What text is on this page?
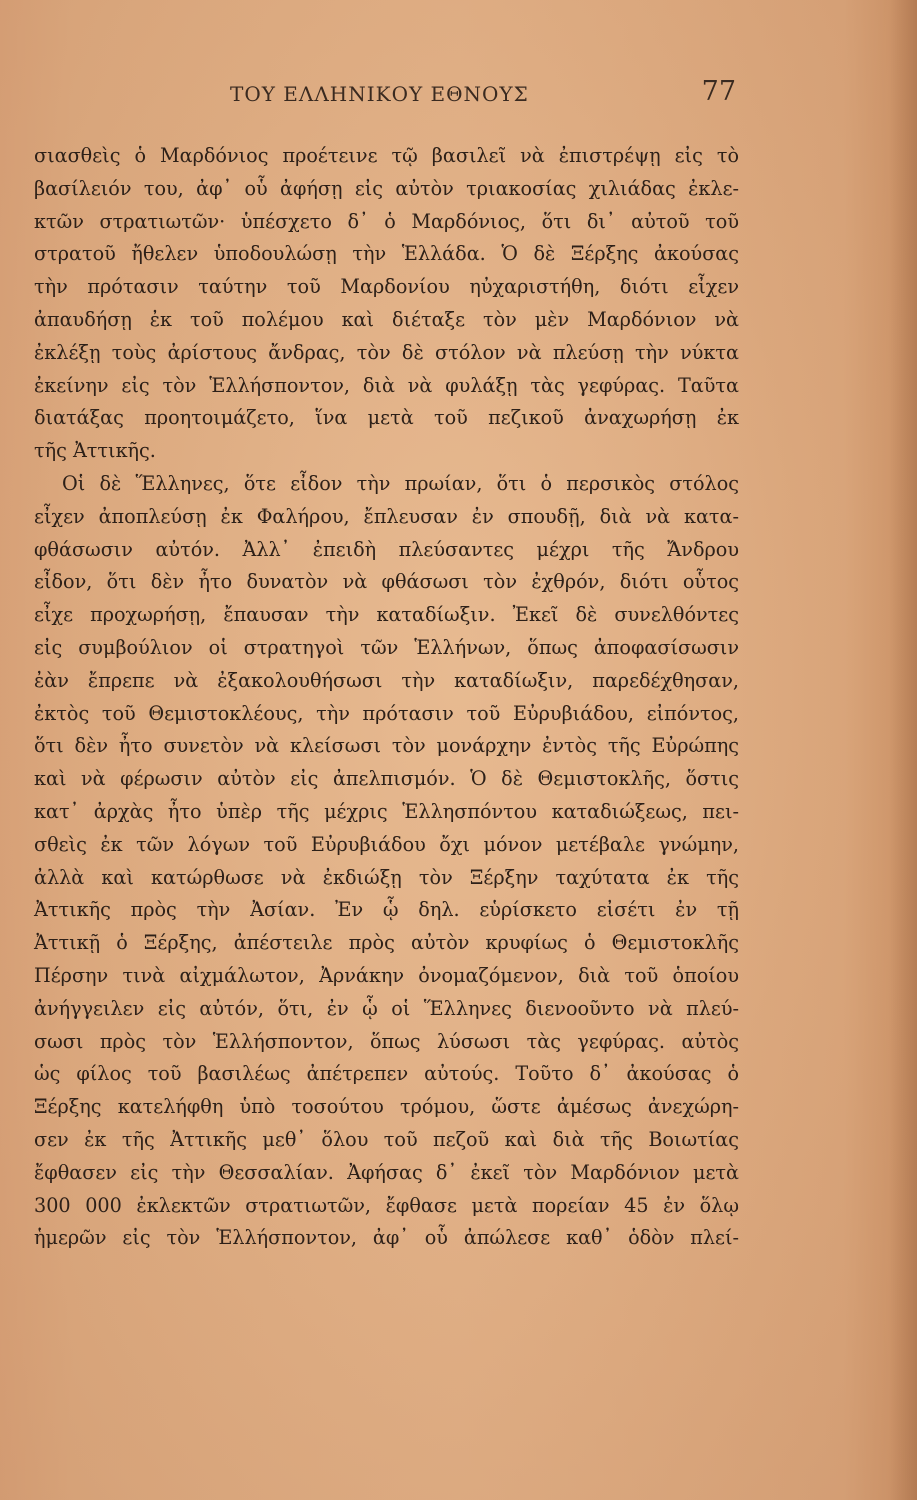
ΤΟΥ ΕΛΛΗΝΙΚΟΥ ΕΘΝΟΥΣ	77
σιασθεὶς ὁ Μαρδόνιος προέτεινε τῷ βασιλεῖ νὰ ἐπιστρέψῃ εἰς τὸ
βασίλειόν του, ἀφ᾽ οὗ ἀφήσῃ εἰς αὐτὸν τριακοσίας χιλιάδας ἐκλε-
κτῶν στρατιωτῶν· ὑπέσχετο δ᾽ ὁ Μαρδόνιος, ὅτι δι᾽ αὐτοῦ τοῦ
στρατοῦ ἤθελεν ὑποδουλώσῃ τὴν Ἑλλάδα. Ὁ δὲ Ξέρξης ἀκούσας
τὴν πρότασιν ταύτην τοῦ Μαρδονίου ηὐχαριστήθη, διότι εἶχεν
ἀπαυδήσῃ ἐκ τοῦ πολέμου καὶ διέταξε τὸν μὲν Μαρδόνιον νὰ
ἐκλέξῃ τοὺς ἀρίστους ἄνδρας, τὸν δὲ στόλον νὰ πλεύσῃ τὴν νύκτα
ἐκείνην εἰς τὸν Ἑλλήσποντον, διὰ νὰ φυλάξῃ τὰς γεφύρας. Ταῦτα
διατάξας προητοιμάζετο, ἵνα μετὰ τοῦ πεζικοῦ ἀναχωρήσῃ ἐκ
τῆς Ἀττικῆς.
Οἱ δὲ Ἕλληνες, ὅτε εἶδον τὴν πρωίαν, ὅτι ὁ περσικὸς στόλος
εἶχεν ἀποπλεύσῃ ἐκ Φαλήρου, ἔπλευσαν ἐν σπουδῇ, διὰ νὰ κατα-
φθάσωσιν αὐτόν. Ἀλλ᾽ ἐπειδὴ πλεύσαντες μέχρι τῆς Ἄνδρου
εἶδον, ὅτι δὲν ἦτο δυνατὸν νὰ φθάσωσι τὸν ἐχθρόν, διότι οὗτος
εἶχε προχωρήσῃ, ἔπαυσαν τὴν καταδίωξιν. Ἐκεῖ δὲ συνελθόντες
εἰς συμβούλιον οἱ στρατηγοὶ τῶν Ἑλλήνων, ὅπως ἀποφασίσωσιν
ἐὰν ἔπρεπε νὰ ἐξακολουθήσωσι τὴν καταδίωξιν, παρεδέχθησαν,
ἐκτὸς τοῦ Θεμιστοκλέους, τὴν πρότασιν τοῦ Εὐρυβιάδου, εἰπόντος,
ὅτι δὲν ἦτο συνετὸν νὰ κλείσωσι τὸν μονάρχην ἐντὸς τῆς Εὐρώπης
καὶ νὰ φέρωσιν αὐτὸν εἰς ἀπελπισμόν. Ὁ δὲ Θεμιστοκλῆς, ὅστις
κατ᾽ ἀρχὰς ἦτο ὑπὲρ τῆς μέχρις Ἑλλησπόντου καταδιώξεως, πει-
σθεὶς ἐκ τῶν λόγων τοῦ Εὐρυβιάδου ὄχι μόνον μετέβαλε γνώμην,
ἀλλὰ καὶ κατώρθωσε νὰ ἐκδιώξῃ τὸν Ξέρξην ταχύτατα ἐκ τῆς
Ἀττικῆς πρὸς τὴν Ἀσίαν. Ἐν ᾧ δηλ. εὑρίσκετο εἰσέτι ἐν τῇ
Ἀττικῇ ὁ Ξέρξης, ἀπέστειλε πρὸς αὐτὸν κρυφίως ὁ Θεμιστοκλῆς
Πέρσην τινὰ αἰχμάλωτον, Ἀρνάκην ὀνομαζόμενον, διὰ τοῦ ὁποίου
ἀνήγγειλεν εἰς αὐτόν, ὅτι, ἐν ᾧ οἱ Ἕλληνες διενοοῦντο νὰ πλεύ-
σωσι πρὸς τὸν Ἑλλήσποντον, ὅπως λύσωσι τὰς γεφύρας. αὐτὸς
ὡς φίλος τοῦ βασιλέως ἀπέτρεπεν αὐτούς. Τοῦτο δ᾽ ἀκούσας ὁ
Ξέρξης κατελήφθη ὑπὸ τοσούτου τρόμου, ὥστε ἀμέσως ἀνεχώρη-
σεν ἐκ τῆς Ἀττικῆς μεθ᾽ ὅλου τοῦ πεζοῦ καὶ διὰ τῆς Βοιωτίας
ἔφθασεν εἰς τὴν Θεσσαλίαν. Ἀφήσας δ᾽ ἐκεῖ τὸν Μαρδόνιον μετὰ
300 000 ἐκλεκτῶν στρατιωτῶν, ἔφθασε μετὰ πορείαν 45 ἐν ὅλῳ
ἡμερῶν εἰς τὸν Ἑλλήσποντον, ἀφ᾽ οὗ ἀπώλεσε καθ᾽ ὁδὸν πλεί-
